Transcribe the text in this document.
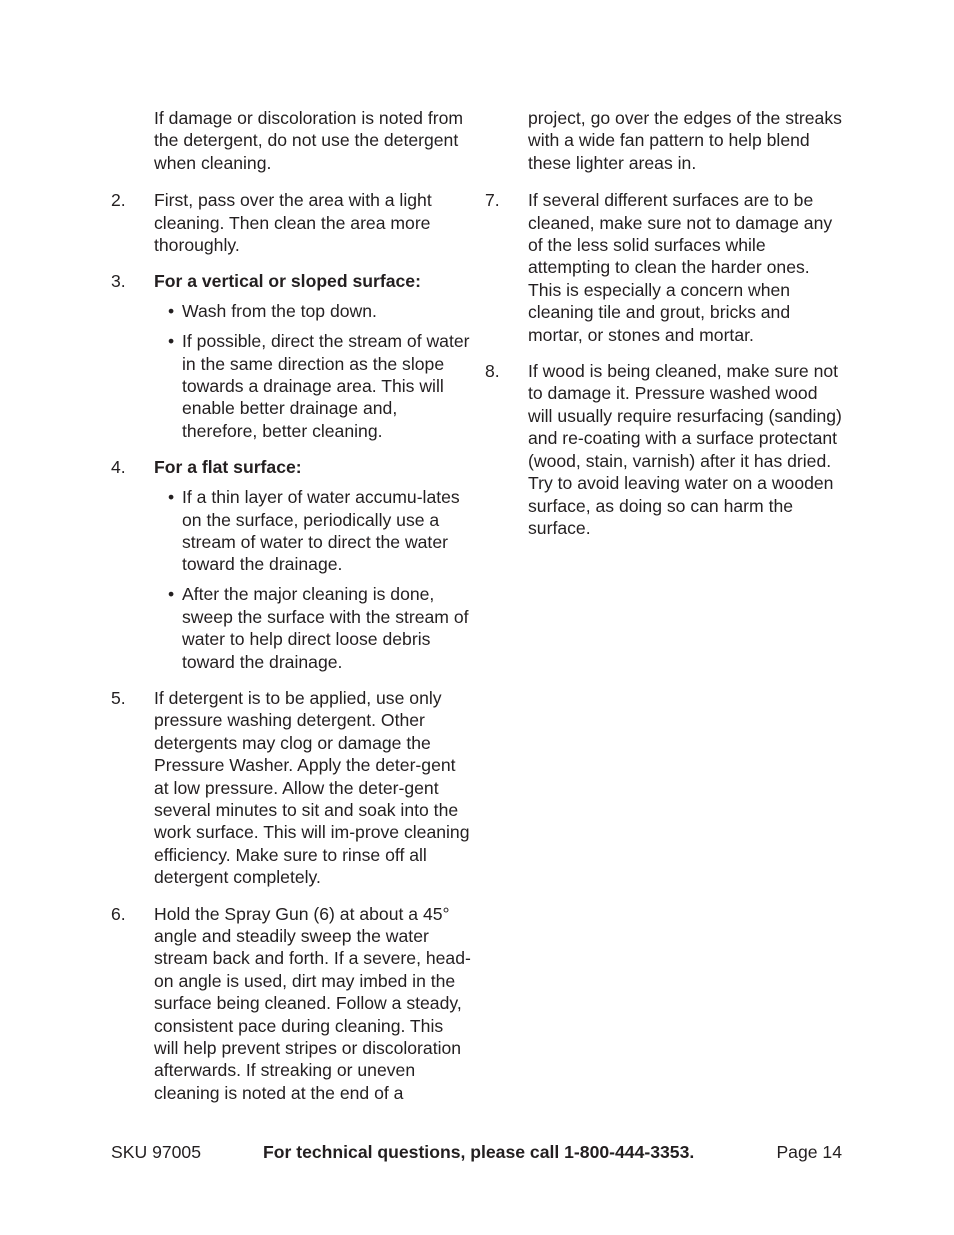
If damage or discoloration is noted from the detergent, do not use the detergent when cleaning.

2. First, pass over the area with a light cleaning. Then clean the area more thoroughly.

3. For a vertical or sloped surface:

• Wash from the top down.

• If possible, direct the stream of water in the same direction as the slope towards a drainage area. This will enable better drainage and, therefore, better cleaning.

4. For a flat surface:

• If a thin layer of water accumu-lates on the surface, periodically use a stream of water to direct the water toward the drainage.

• After the major cleaning is done, sweep the surface with the stream of water to help direct loose debris toward the drainage.

5. If detergent is to be applied, use only pressure washing detergent. Other detergents may clog or damage the Pressure Washer. Apply the deter-gent at low pressure. Allow the deter-gent several minutes to sit and soak into the work surface. This will im-prove cleaning efficiency. Make sure to rinse off all detergent completely.

6. Hold the Spray Gun (6) at about a 45° angle and steadily sweep the water stream back and forth. If a severe, head-on angle is used, dirt may imbed in the surface being cleaned. Follow a steady, consistent pace during cleaning. This will help prevent stripes or discoloration afterwards. If streaking or uneven cleaning is noted at the end of a

project, go over the edges of the streaks with a wide fan pattern to help blend these lighter areas in.

7. If several different surfaces are to be cleaned, make sure not to damage any of the less solid surfaces while attempting to clean the harder ones. This is especially a concern when cleaning tile and grout, bricks and mortar, or stones and mortar.

8. If wood is being cleaned, make sure not to damage it. Pressure washed wood will usually require resurfacing (sanding) and re-coating with a surface protectant (wood, stain, varnish) after it has dried. Try to avoid leaving water on a wooden surface, as doing so can harm the surface.

SKU 97005	For technical questions, please call 1-800-444-3353.	Page 14
